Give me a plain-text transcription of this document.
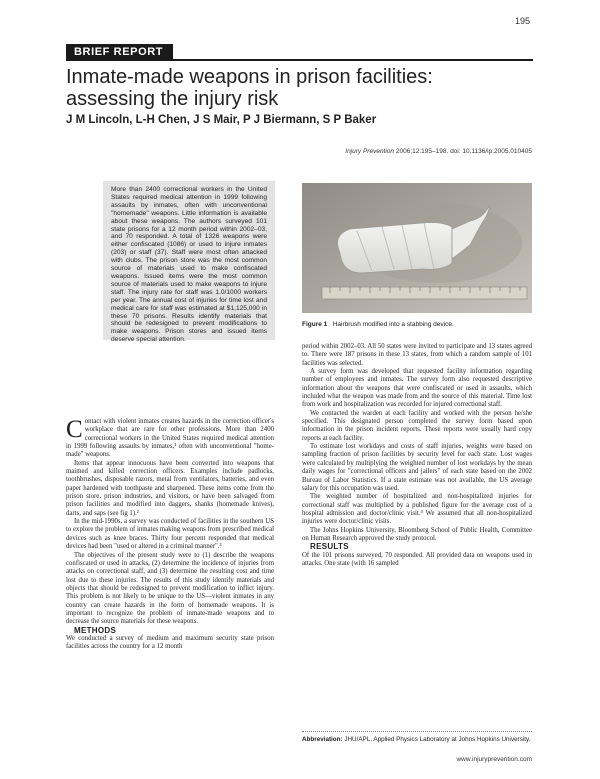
195
BRIEF REPORT
Inmate-made weapons in prison facilities: assessing the injury risk
J M Lincoln, L-H Chen, J S Mair, P J Biermann, S P Baker
Injury Prevention 2006;12:195–198. doi: 10.1136/ip.2005.010405
More than 2400 correctional workers in the United States required medical attention in 1999 following assaults by inmates, often with unconventional "homemade" weapons. Little information is available about these weapons. The authors surveyed 101 state prisons for a 12 month period within 2002–03, and 70 responded. A total of 1326 weapons were either confiscated (1086) or used to injure inmates (203) or staff (37). Staff were most often attacked with clubs. The prison store was the most common source of materials used to make confiscated weapons. Issued items were the most common source of materials used to make weapons to injure staff. The injury rate for staff was 1.0/1000 workers per year. The annual cost of injuries for time lost and medical care for staff was estimated at $1,125,000 in these 70 prisons. Results identify materials that should be redesigned to prevent modifications to make weapons. Prison stores and issued items deserve special attention.
Figure 1 Hairbrush modified into a stabbing device.

Contact with violent inmates creates hazards in the correction officer's workplace that are rare for other professions. More than 2400 correctional workers in the United States required medical attention in 1999 following assaults by inmates,¹ often with unconventional "home-made" weapons.

Items that appear innocuous have been converted into weapons that maimed and killed correction officers. Examples include padlocks, toothbrushes, disposable razors, metal from ventilators, batteries, and even paper hardened with toothpaste and sharpened. These items come from the prison store, prison industries, and visitors, or have been salvaged from prison facilities and modified into daggers, shanks (homemade knives), darts, and saps (see fig 1).²

In the mid-1990s, a survey was conducted of facilities in the southern US to explore the problem of inmates making weapons from prescribed medical devices such as knee braces. Thirty four percent responded that medical devices had been "used or altered in a criminal manner".³

The objectives of the present study were to (1) describe the weapons confiscated or used in attacks, (2) determine the incidence of injuries from attacks on correctional staff, and (3) determine the resulting cost and time lost due to these injuries. The results of this study identify materials and objects that should be redesigned to prevent modification to inflict injury. This problem is not likely to be unique to the US—violent inmates in any country can create hazards in the form of homemade weapons. It is important to recognize the problem of inmate-made weapons and to decrease the source materials for these weapons.

METHODS

We conducted a survey of medium and maximum security state prison facilities across the country for a 12 month

period within 2002–03. All 50 states were invited to participate and 13 states agreed to. There were 187 prisons in these 13 states, from which a random sample of 101 facilities was selected.

A survey form was developed that requested facility information regarding number of employees and inmates. The survey form also requested descriptive information about the weapons that were confiscated or used in assaults, which included what the weapon was made from and the source of this material. Time lost from work and hospitalization was recorded for injured correctional staff.

We contacted the warden at each facility and worked with the person he/she specified. This designated person completed the survey form based upon information in the prison incident reports. These reports were usually hard copy reports at each facility.

To estimate lost workdays and costs of staff injuries, weights were based on sampling fraction of prison facilities by security level for each state. Lost wages were calculated by multiplying the weighted number of lost workdays by the mean daily wages for "correctional officers and jailers" of each state based on the 2002 Bureau of Labor Statistics. If a state estimate was not available, the US average salary for this occupation was used.

The weighted number of hospitalized and non-hospitalized injuries for correctional staff was multiplied by a published figure for the average cost of a hospital admission and doctor/clinic visit.⁴ We assumed that all non-hospitalized injuries were doctor/clinic visits.

The Johns Hopkins University, Bloomberg School of Public Health, Committee on Human Research approved the study protocol.

RESULTS

Of the 101 prisons surveyed, 70 responded. All provided data on weapons used in attacks. One state (with 16 sampled

Abbreviation: JHU/APL, Applied Physics Laboratory at Johns Hopkins University.
www.injuryprevention.com
